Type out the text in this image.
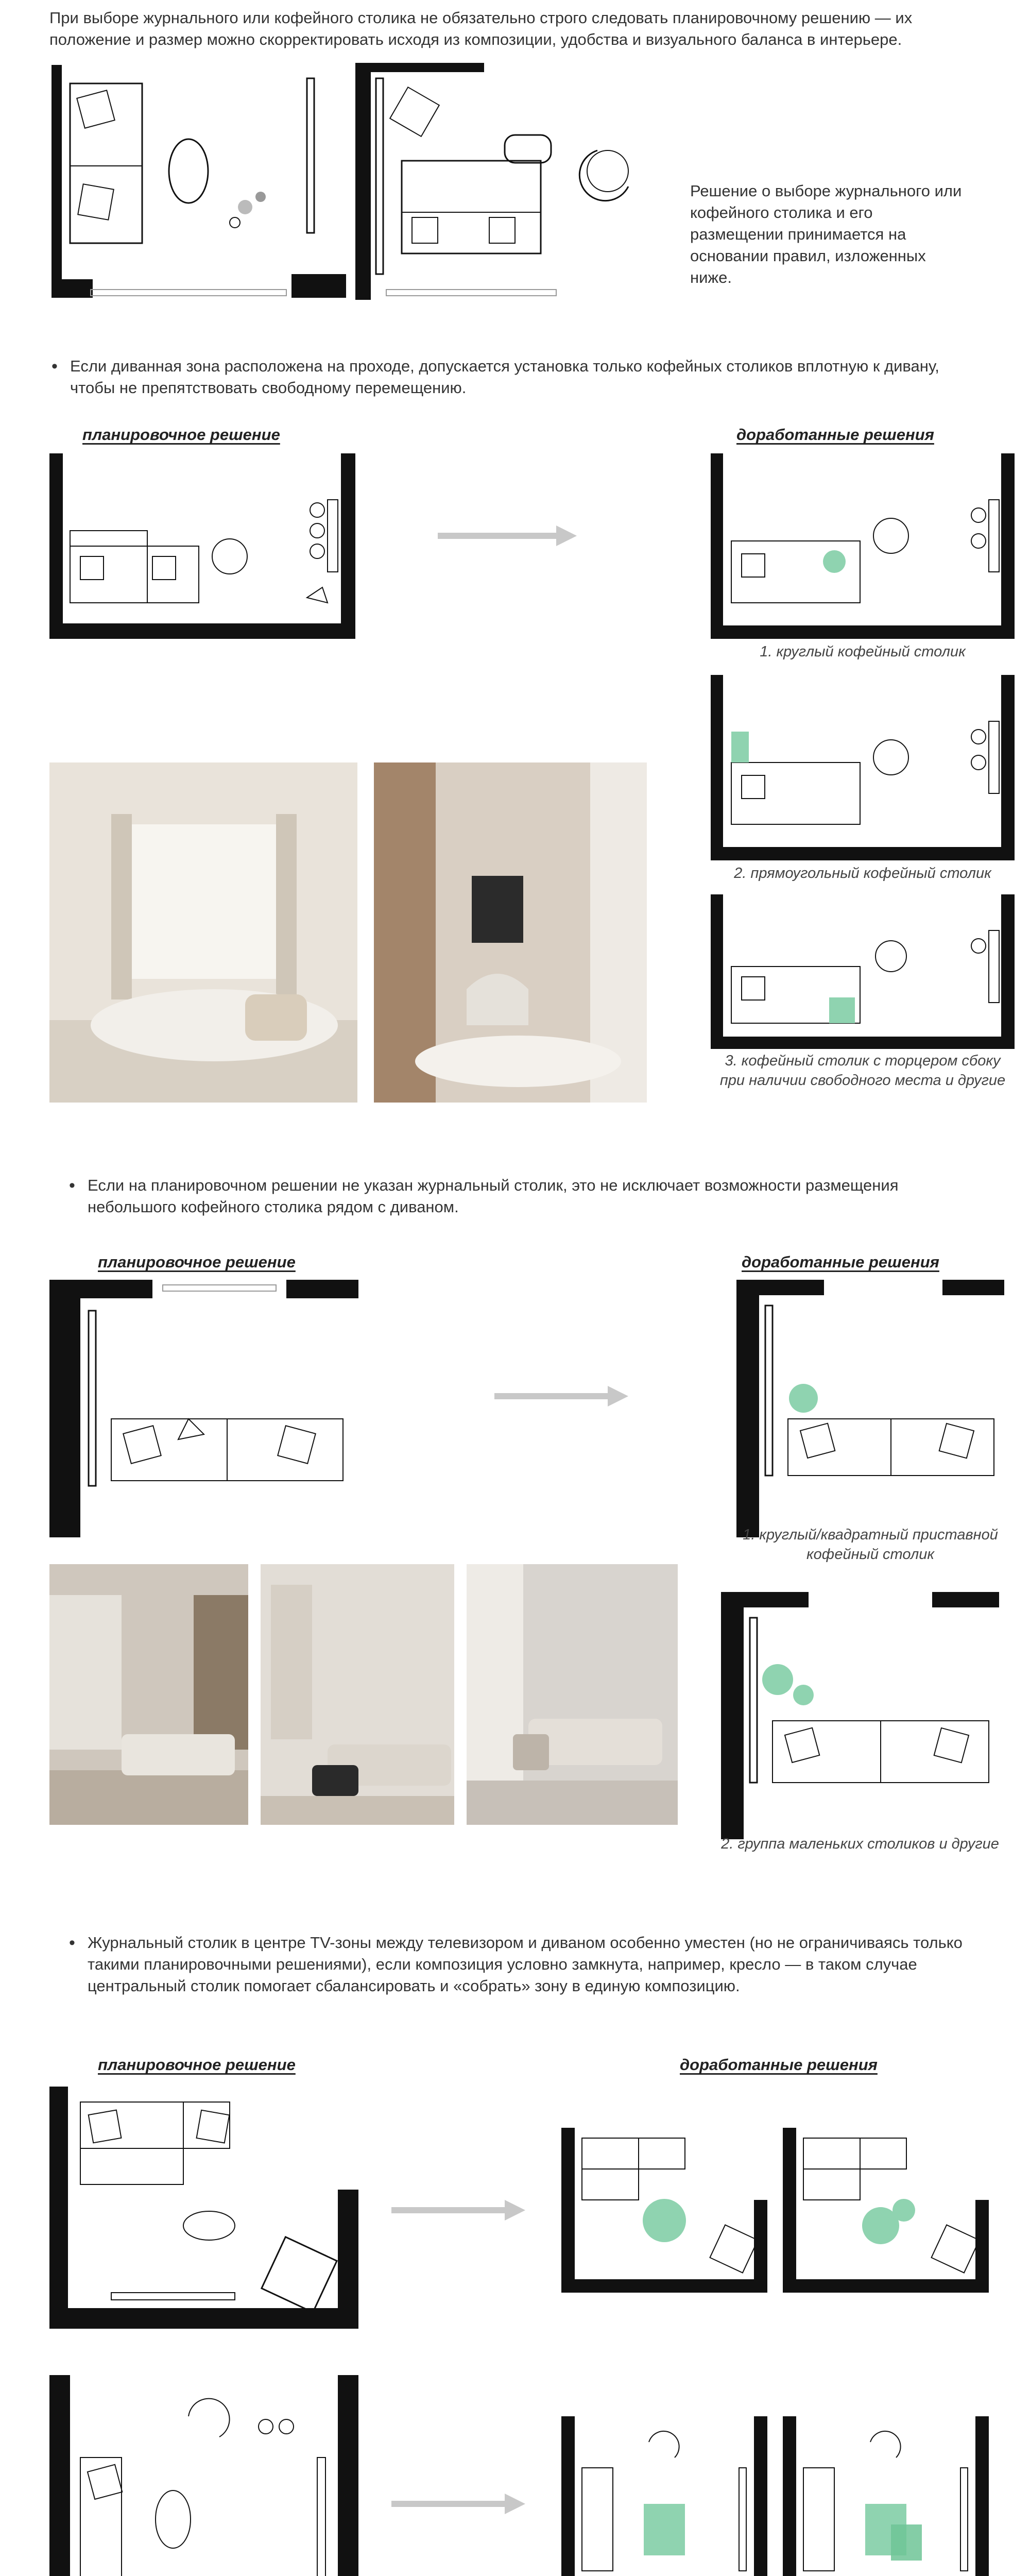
При выборе журнального или кофейного столика не обязательно строго следовать планировочному решению — их положение и размер можно скорректировать исходя из композиции, удобства и визуального баланса в интерьере.
Решение о выборе журнального или кофейного столика и его размещении принимается на основании правил, изложенных ниже.
• Если диванная зона расположена на проходе, допускается установка только кофейных столиков вплотную к дивану, чтобы не препятствовать свободному перемещению.
планировочное решение	доработанные решения
1. круглый кофейный столик
2. прямоугольный кофейный столик
3. кофейный столик с торцером сбоку при наличии свободного места и другие
• Если на планировочном решении не указан журнальный столик, это не исключает возможности размещения небольшого кофейного столика рядом с диваном.
планировочное решение	доработанные решения
1. круглый/квадратный приставной кофейный столик
2. группа маленьких столиков и другие
• Журнальный столик в центре TV-зоны между телевизором и диваном особенно уместен (но не ограничиваясь только такими планировочными решениями), если композиция условно замкнута, например, кресло — в таком случае центральный столик помогает сбалансировать и «собрать» зону в единую композицию.
планировочное решение	доработанные решения
